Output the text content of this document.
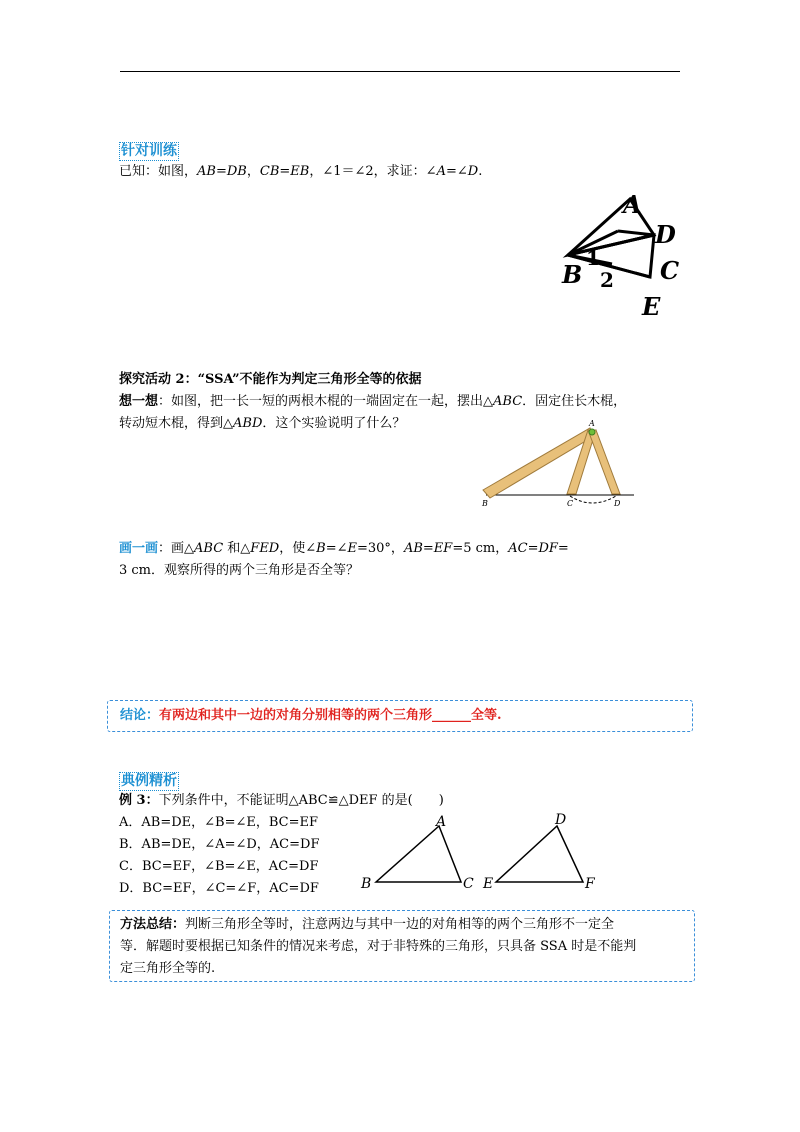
针对训练
已知：如图，AB=DB，CB=EB，∠1＝∠2，求证：∠A=∠D.
A
D
B	C
E
1
2
探究活动 2：“SSA”不能作为判定三角形全等的依据
想一想：如图，把一长一短的两根木棍的一端固定在一起，摆出△ABC．固定住长木棍，
转动短木棍，得到△ABD．这个实验说明了什么？	A
B	C	D
画一画：画△ABC 和△FED，使∠B=∠E=30°，AB=EF=5 cm，AC=DF=
3 cm．观察所得的两个三角形是否全等？
结论：有两边和其中一边的对角分别相等的两个三角形______全等.
典例精析
例 3：下列条件中，不能证明△ABC≌△DEF 的是(　　)
A．AB=DE，∠B=∠E，BC=EF
B．AB=DE，∠A=∠D，AC=DF
C．BC=EF，∠B=∠E，AC=DF
D．BC=EF，∠C=∠F，AC=DF
A
B	C
D
E	F
方法总结：判断三角形全等时，注意两边与其中一边的对角相等的两个三角形不一定全
等．解题时要根据已知条件的情况来考虑，对于非特殊的三角形，只具备 SSA 时是不能判
定三角形全等的.
